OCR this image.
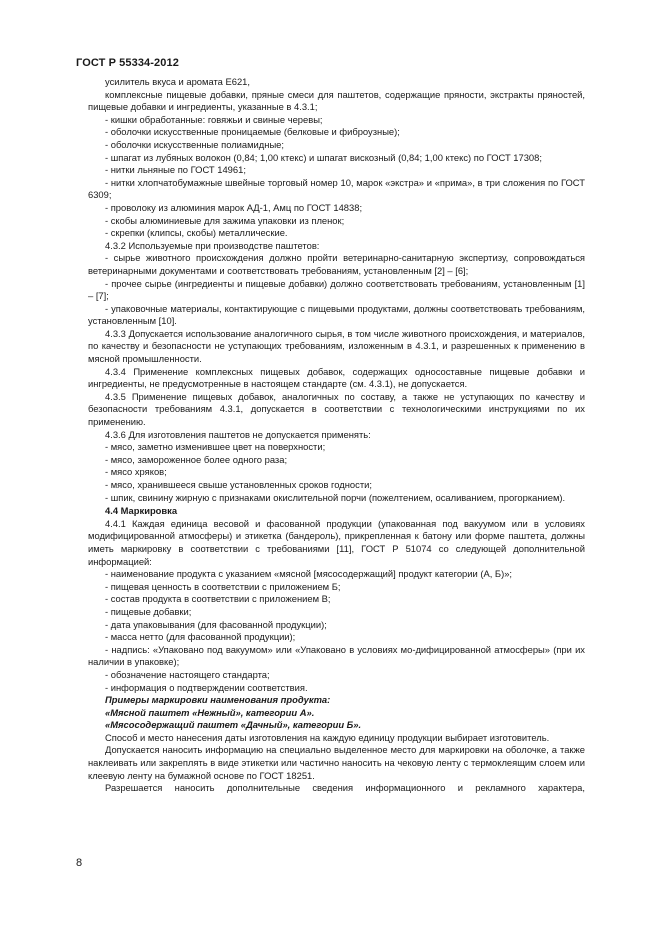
ГОСТ Р 55334-2012

усилитель вкуса и аромата Е621,

комплексные пищевые добавки, пряные смеси для паштетов, содержащие пряности, экстракты пряностей, пищевые добавки и ингредиенты, указанные в 4.3.1;

- кишки обработанные: говяжьи и свиные черевы;

- оболочки искусственные проницаемые (белковые и фиброузные);

- оболочки искусственные полиамидные;

- шпагат из лубяных волокон (0,84; 1,00 ктекс) и шпагат вискозный (0,84; 1,00 ктекс) по ГОСТ 17308;

- нитки льняные по ГОСТ 14961;

- нитки хлопчатобумажные швейные торговый номер 10, марок «экстра» и «прима», в три сложения по ГОСТ 6309;

- проволоку из алюминия марок АД-1, Амц по ГОСТ 14838;

- скобы алюминиевые для зажима упаковки из пленок;

- скрепки (клипсы, скобы) металлические.

4.3.2 Используемые при производстве паштетов:

- сырье животного происхождения должно пройти ветеринарно-санитарную экспертизу, сопровождаться ветеринарными документами и соответствовать требованиям, установленным [2] – [6];

- прочее сырье (ингредиенты и пищевые добавки) должно соответствовать требованиям, установленным [1] – [7];

- упаковочные материалы, контактирующие с пищевыми продуктами, должны соответствовать требованиям, установленным [10].

4.3.3 Допускается использование аналогичного сырья, в том числе животного происхождения, и материалов, по качеству и безопасности не уступающих требованиям, изложенным в 4.3.1, и разрешенных к применению в мясной промышленности.

4.3.4 Применение комплексных пищевых добавок, содержащих односоставные пищевые добавки и ингредиенты, не предусмотренные в настоящем стандарте (см. 4.3.1), не допускается.

4.3.5 Применение пищевых добавок, аналогичных по составу, а также не уступающих по качеству и безопасности требованиям 4.3.1, допускается в соответствии с технологическими инструкциями по их применению.

4.3.6 Для изготовления паштетов не допускается применять:

- мясо, заметно изменившее цвет на поверхности;

- мясо, замороженное более одного раза;

- мясо хряков;

- мясо, хранившееся свыше установленных сроков годности;

- шпик, свинину жирную с признаками окислительной порчи (пожелтением, осаливанием, прогорканием).

4.4 Маркировка

4.4.1 Каждая единица весовой и фасованной продукции (упакованная под вакуумом или в условиях модифицированной атмосферы) и этикетка (бандероль), прикрепленная к батону или форме паштета, должны иметь маркировку в соответствии с требованиями [11], ГОСТ Р 51074 со следующей дополнительной информацией:

- наименование продукта с указанием «мясной [мясосодержащий] продукт категории (А, Б)»;

- пищевая ценность в соответствии с приложением Б;

- состав продукта в соответствии с приложением В;

- пищевые добавки;

- дата упаковывания (для фасованной продукции);

- масса нетто (для фасованной продукции);

- надпись: «Упаковано под вакуумом» или «Упаковано в условиях мо-дифицированной атмосферы» (при их наличии в упаковке);

- обозначение настоящего стандарта;

- информация о подтверждении соответствия.

Примеры маркировки наименования продукта:

«Мясной паштет «Нежный», категории А».

«Мясосодержащий паштет «Дачный», категории Б».

Способ и место нанесения даты изготовления на каждую единицу продукции выбирает изготовитель.

Допускается наносить информацию на специально выделенное место для маркировки на оболочке, а также наклеивать или закреплять в виде этикетки или частично наносить на чековую ленту с термоклеящим слоем или клеевую ленту на бумажной основе по ГОСТ 18251.

Разрешается наносить дополнительные сведения информационного и рекламного характера,

8
